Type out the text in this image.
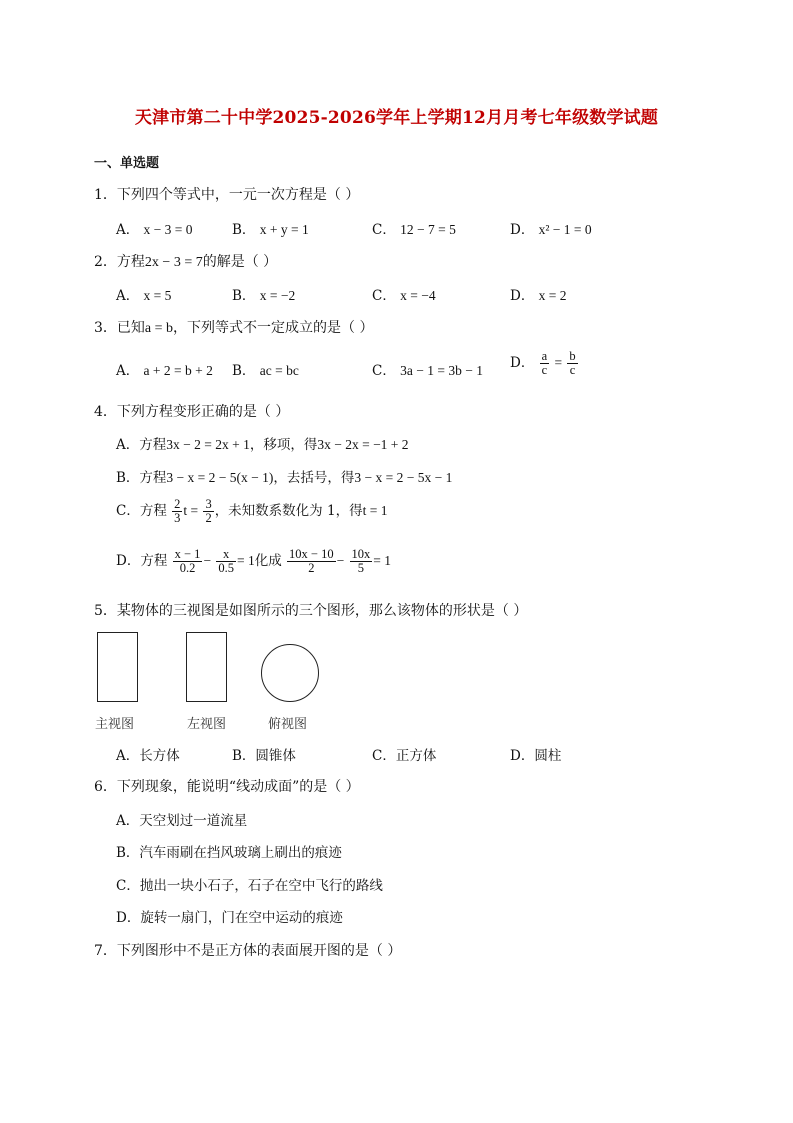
天津市第二十中学2025-2026学年上学期12月月考七年级数学试题
一、单选题
1．下列四个等式中，一元一次方程是（ ）
A． x − 3 = 0	B． x + y = 1	C． 12 − 7 = 5	D． x² − 1 = 0
2．方程2x − 3 = 7的解是（ ）
A． x = 5	B． x = −2	C． x = −4	D． x = 2
3．已知a = b，下列等式不一定成立的是（ ）
A． a + 2 = b + 2 B． ac = bc	C． 3a − 1 = 3b − 1 D． $\frac{a}{c} = \frac{b}{c}$
4．下列方程变形正确的是（ ）
A．方程3x − 2 = 2x + 1，移项，得3x − 2x = −1 + 2
B．方程3 − x = 2 − 5(x − 1)，去括号，得3 − x = 2 − 5x − 1
C．方程 $\frac{2}{3}$ $t = \frac{3}{2}$ ，未知数系数化为 1，得t = 1
D．方程 $\frac{x - 1}{0.2} - \frac{x}{0.5} = 1$化成 $\frac{10x - 10}{2} - \frac{10x}{5} = 1$
5．某物体的三视图是如图所示的三个图形，那么该物体的形状是（ ）
主视图	左视图	俯视图
A．长方体	B．圆锥体	C．正方体	D．圆柱
6．下列现象，能说明“线动成面”的是（ ）
A．天空划过一道流星
B．汽车雨刷在挡风玻璃上刷出的痕迹
C．抛出一块小石子，石子在空中飞行的路线
D．旋转一扇门，门在空中运动的痕迹
7．下列图形中不是正方体的表面展开图的是（ ）
